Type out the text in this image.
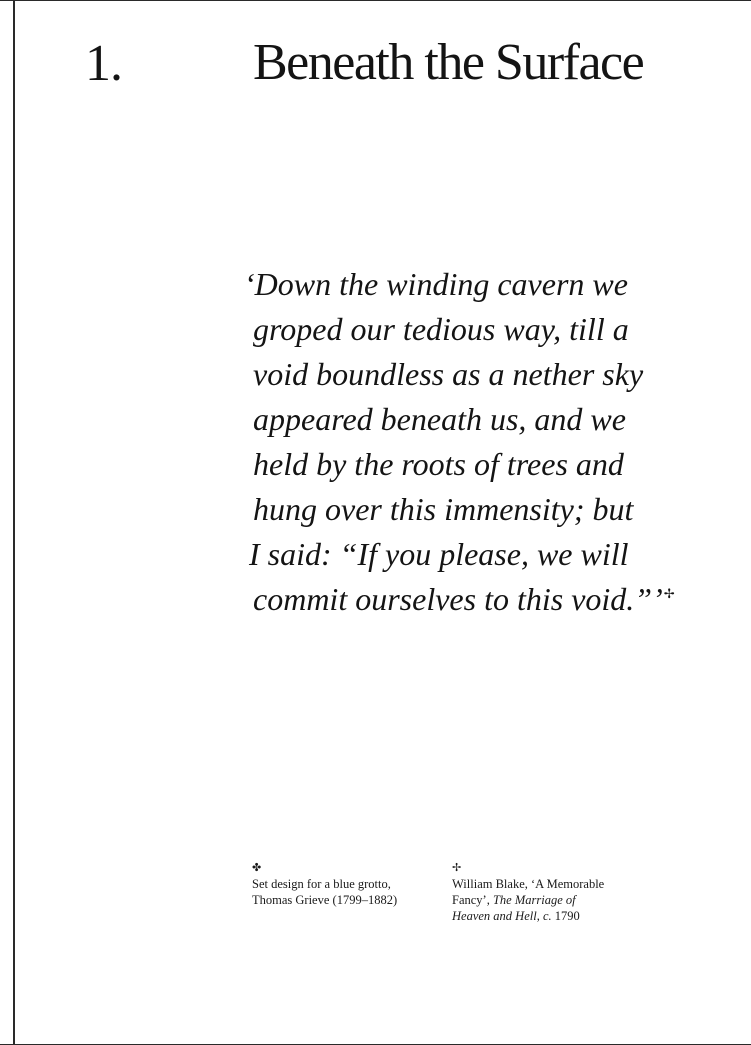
1.	Beneath the Surface

‘Down the winding cavern we
groped our tedious way, till a
void boundless as a nether sky
appeared beneath us, and we
held by the roots of trees and
hung over this immensity; but
I said: “If you please, we will
commit ourselves to this void.”’✢

✤
Set design for a blue grotto,
Thomas Grieve (1799–1882)
✢
William Blake, ‘A Memorable
Fancy’, The Marriage of
Heaven and Hell, c. 1790
